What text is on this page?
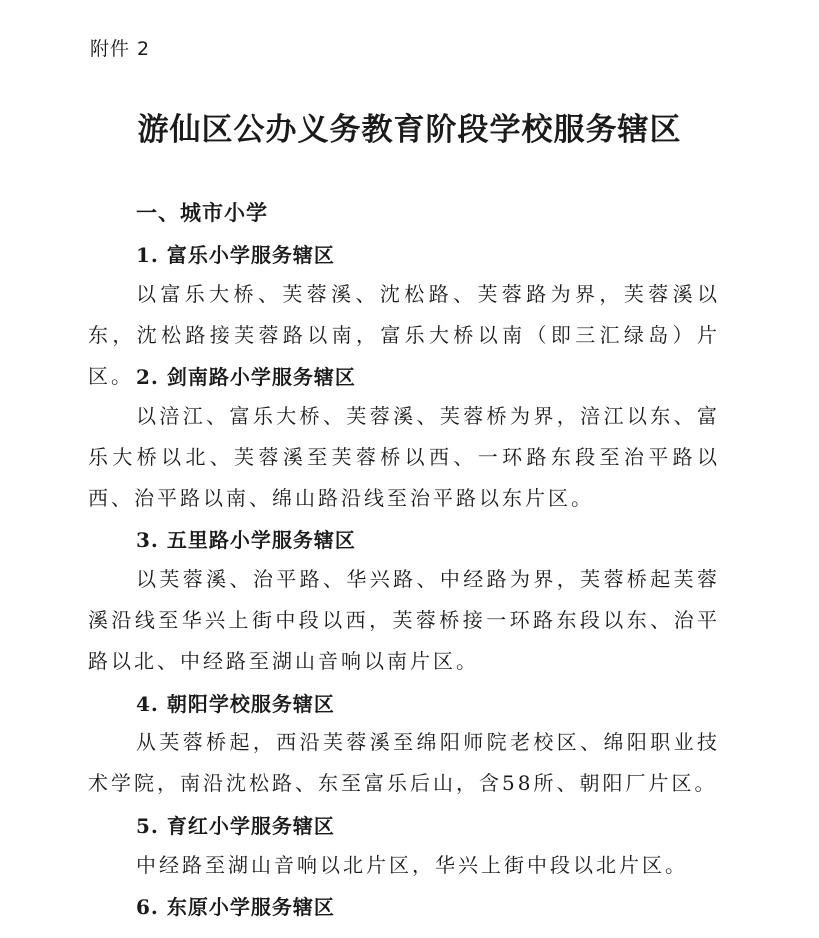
附件 2
游仙区公办义务教育阶段学校服务辖区
一、城市小学
1. 富乐小学服务辖区

以富乐大桥、芙蓉溪、沈松路、芙蓉路为界，芙蓉溪以东，沈松路接芙蓉路以南，富乐大桥以南（即三汇绿岛）片区。 2. 剑南路小学服务辖区

以涪江、富乐大桥、芙蓉溪、芙蓉桥为界，涪江以东、富乐大桥以北、芙蓉溪至芙蓉桥以西、一环路东段至治平路以西、治平路以南、绵山路沿线至治平路以东片区。

3. 五里路小学服务辖区

以芙蓉溪、治平路、华兴路、中经路为界，芙蓉桥起芙蓉溪沿线至华兴上街中段以西，芙蓉桥接一环路东段以东、治平路以北、中经路至湖山音响以南片区。

4. 朝阳学校服务辖区

从芙蓉桥起，西沿芙蓉溪至绵阳师院老校区、绵阳职业技术学院，南沿沈松路、东至富乐后山，含58所、朝阳厂片区。

5. 育红小学服务辖区

中经路至湖山音响以北片区，华兴上街中段以北片区。

6. 东原小学服务辖区
